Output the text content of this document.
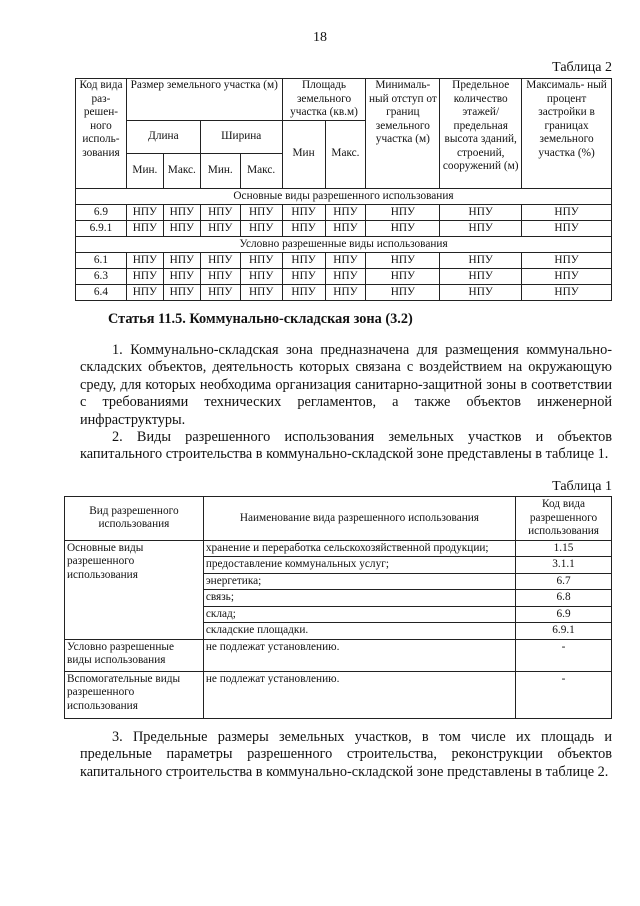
18
Таблица 2
Код вида раз- решен- ного исполь- зования	Размер земельного участка (м)				Площадь земельного участка (кв.м)		Минималь- ный отступ от границ земельного участка (м)	Предельное количество этажей/ предельная высота зданий, строений, сооружений (м)	Максималь- ный процент застройки в границах земельного участка (%)
	Длина		Ширина		Мин	Макс.			
	Мин.	Макс.	Мин.	Макс.					
Основные виды разрешенного использования									
6.9	НПУ	НПУ	НПУ	НПУ	НПУ	НПУ	НПУ	НПУ	НПУ
6.9.1	НПУ	НПУ	НПУ	НПУ	НПУ	НПУ	НПУ	НПУ	НПУ
Условно разрешенные виды использования									
6.1	НПУ	НПУ	НПУ	НПУ	НПУ	НПУ	НПУ	НПУ	НПУ
6.3	НПУ	НПУ	НПУ	НПУ	НПУ	НПУ	НПУ	НПУ	НПУ
6.4	НПУ	НПУ	НПУ	НПУ	НПУ	НПУ	НПУ	НПУ	НПУ
Статья 11.5. Коммунально-складская зона (3.2)
1. Коммунально-складская зона предназначена для размещения коммунально-складских объектов, деятельность которых связана с воздействием на окружающую среду, для которых необходима организация санитарно-защитной зоны в соответствии с требованиями технических регламентов, а также объектов инженерной инфраструктуры.
2. Виды разрешенного использования земельных участков и объектов капитального строительства в коммунально-складской зоне представлены в таблице 1.
Таблица 1
Вид разрешенного использования	Наименование вида разрешенного использования	Код вида разрешенного использования
Основные виды разрешенного использования	хранение и переработка сельскохозяйственной продукции;	1.15
	предоставление коммунальных услуг;	3.1.1
	энергетика;	6.7
	связь;	6.8
	склад;	6.9
	складские площадки.	6.9.1
Условно разрешенные виды использования	не подлежат установлению.	-
Вспомогательные виды разрешенного использования	не подлежат установлению.	-
3. Предельные размеры земельных участков, в том числе их площадь и предельные параметры разрешенного строительства, реконструкции объектов капитального строительства в коммунально-складской зоне представлены в таблице 2.
